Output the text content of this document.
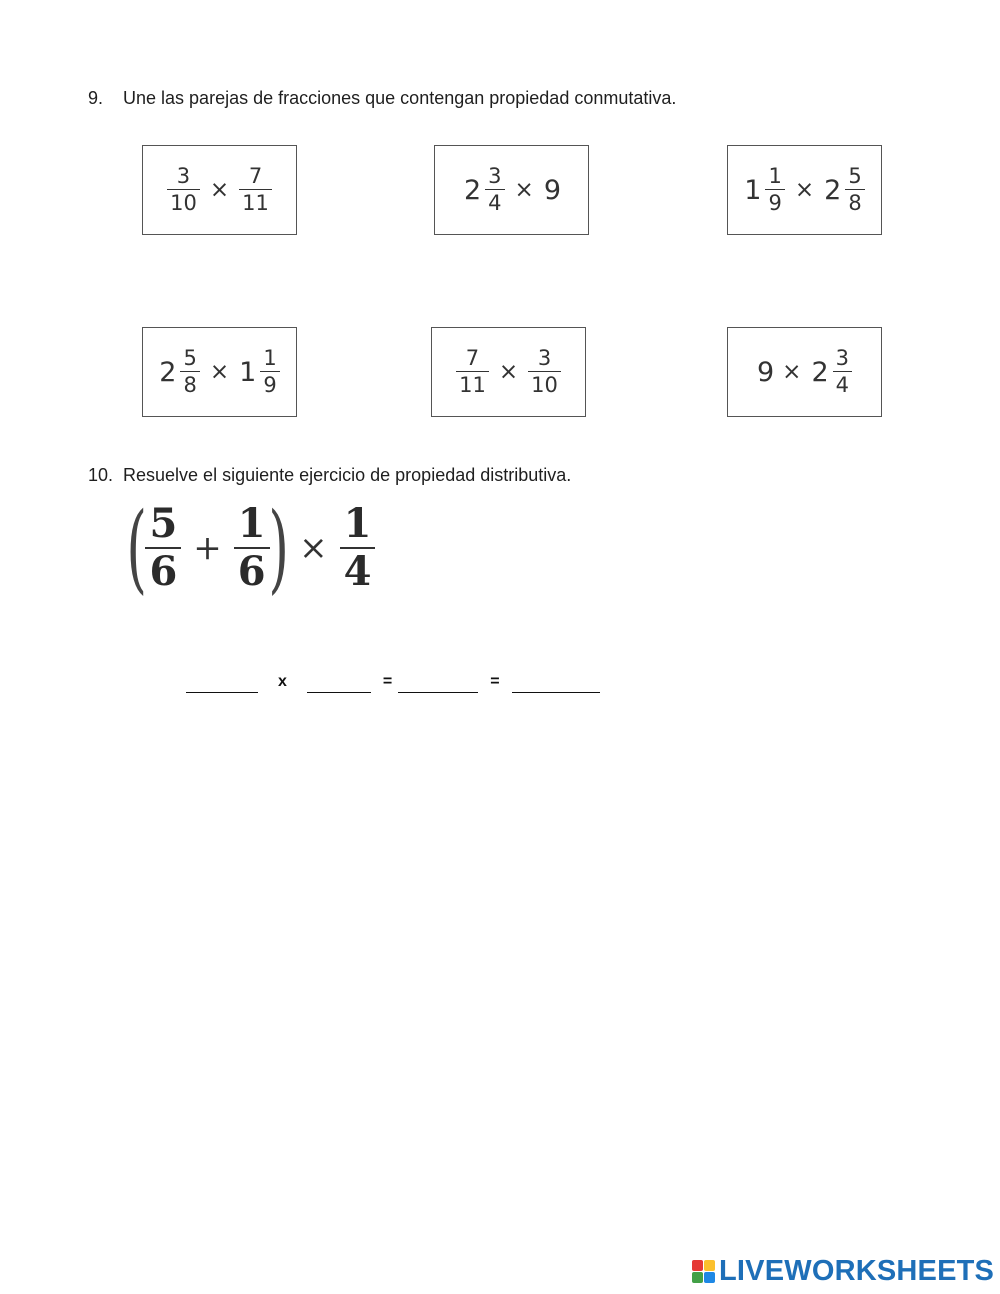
9. Une las parejas de fracciones que contengan propiedad conmutativa.
$\frac{3}{10} \times \frac{7}{11}$	$2 \frac{3}{4} \times 9$	$1 \frac{1}{9} \times 2 \frac{5}{8}$
$2 \frac{5}{8} \times 1 \frac{1}{9}$	$\frac{7}{11} \times \frac{3}{10}$	$9 \times 2 \frac{3}{4}$
10. Resuelve el siguiente ejercicio de propiedad distributiva.
(
$\frac{5}{6} + \frac{1}{6}$
) × $\frac{1}{4}$
x	=	=
LIVEWORKSHEETS
